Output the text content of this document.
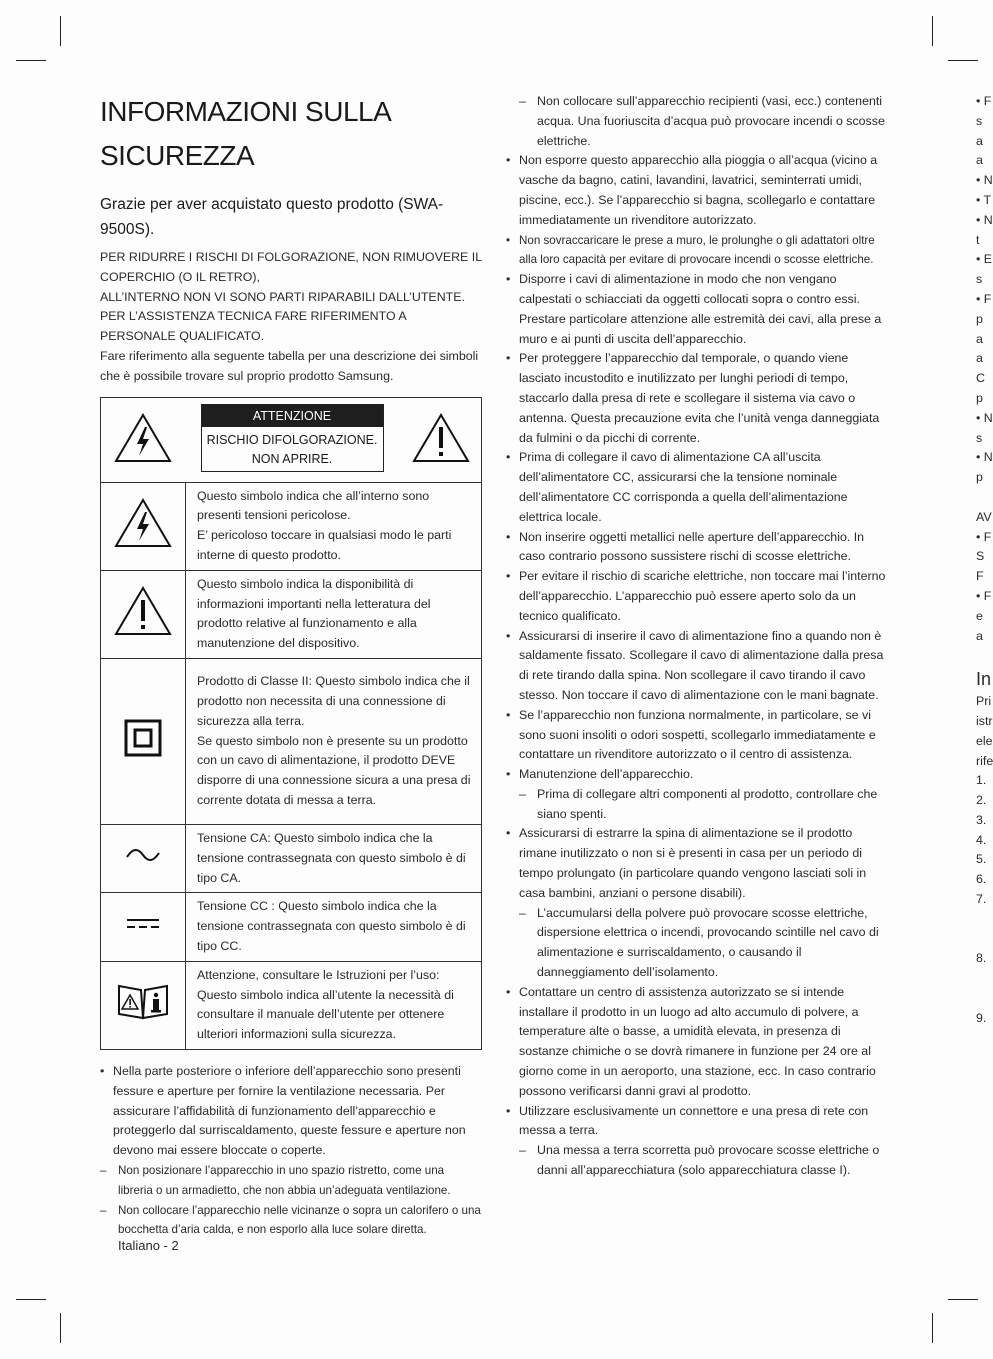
INFORMAZIONI SULLA SICUREZZA
Grazie per aver acquistato questo prodotto (SWA-9500S).

PER RIDURRE I RISCHI DI FOLGORAZIONE, NON RIMUOVERE IL COPERCHIO (O IL RETRO),

ALL’INTERNO NON VI SONO PARTI RIPARABILI DALL’UTENTE.

PER L’ASSISTENZA TECNICA FARE RIFERIMENTO A PERSONALE QUALIFICATO.

Fare riferimento alla seguente tabella per una descrizione dei simboli che è possibile trovare sul proprio prodotto Samsung.

ATTENZIONE
RISCHIO DIFOLGORAZIONE. NON APRIRE.	

	Questo simbolo indica che all’interno sono presenti tensioni pericolose.
E’ pericoloso toccare in qualsiasi modo le parti interne di questo prodotto.
	Questo simbolo indica la disponibilità di informazioni importanti nella letteratura del prodotto relative al funzionamento e alla manutenzione del dispositivo.
	Prodotto di Classe II: Questo simbolo indica che il prodotto non necessita di una connessione di sicurezza alla terra.
Se questo simbolo non è presente su un prodotto con un cavo di alimentazione, il prodotto DEVE disporre di una connessione sicura a una presa di corrente dotata di messa a terra.
	Tensione CA: Questo simbolo indica che la tensione contrassegnata con questo simbolo è di tipo CA.
	Tensione CC : Questo simbolo indica che la tensione contrassegnata con questo simbolo è di tipo CC.
	Attenzione, consultare le Istruzioni per l’uso: Questo simbolo indica all’utente la necessità di consultare il manuale dell’utente per ottenere ulteriori informazioni sulla sicurezza.
• Nella parte posteriore o inferiore dell’apparecchio sono presenti fessure e aperture per fornire la ventilazione necessaria. Per assicurare l’affidabilità di funzionamento dell’apparecchio e proteggerlo dal surriscaldamento, queste fessure e aperture non devono mai essere bloccate o coperte.
– Non posizionare l’apparecchio in uno spazio ristretto, come una libreria o un armadietto, che non abbia un’adeguata ventilazione.
– Non collocare l’apparecchio nelle vicinanze o sopra un calorifero o una bocchetta d’aria calda, e non esporlo alla luce solare diretta.
– Non collocare sull’apparecchio recipienti (vasi, ecc.) contenenti acqua. Una fuoriuscita d’acqua può provocare incendi o scosse elettriche.
• Non esporre questo apparecchio alla pioggia o all’acqua (vicino a vasche da bagno, catini, lavandini, lavatrici, seminterrati umidi, piscine, ecc.). Se l’apparecchio si bagna, scollegarlo e contattare immediatamente un rivenditore autorizzato.
• Non sovraccaricare le prese a muro, le prolunghe o gli adattatori oltre alla loro capacità per evitare di provocare incendi o scosse elettriche.
• Disporre i cavi di alimentazione in modo che non vengano calpestati o schiacciati da oggetti collocati sopra o contro essi. Prestare particolare attenzione alle estremità dei cavi, alla prese a muro e ai punti di uscita dell’apparecchio.
• Per proteggere l’apparecchio dal temporale, o quando viene lasciato incustodito e inutilizzato per lunghi periodi di tempo, staccarlo dalla presa di rete e scollegare il sistema via cavo o antenna. Questa precauzione evita che l’unità venga danneggiata da fulmini o da picchi di corrente.
• Prima di collegare il cavo di alimentazione CA all’uscita dell’alimentatore CC, assicurarsi che la tensione nominale dell’alimentatore CC corrisponda a quella dell’alimentazione elettrica locale.
• Non inserire oggetti metallici nelle aperture dell’apparecchio. In caso contrario possono sussistere rischi di scosse elettriche.
• Per evitare il rischio di scariche elettriche, non toccare mai l’interno dell’apparecchio. L’apparecchio può essere aperto solo da un tecnico qualificato.
• Assicurarsi di inserire il cavo di alimentazione fino a quando non è saldamente fissato. Scollegare il cavo di alimentazione dalla presa di rete tirando dalla spina. Non scollegare il cavo tirando il cavo stesso. Non toccare il cavo di alimentazione con le mani bagnate.
• Se l’apparecchio non funziona normalmente, in particolare, se vi sono suoni insoliti o odori sospetti, scollegarlo immediatamente e contattare un rivenditore autorizzato o il centro di assistenza.
• Manutenzione dell’apparecchio.
– Prima di collegare altri componenti al prodotto, controllare che siano spenti.
• Assicurarsi di estrarre la spina di alimentazione se il prodotto rimane inutilizzato o non si è presenti in casa per un periodo di tempo prolungato (in particolare quando vengono lasciati soli in casa bambini, anziani o persone disabili).
– L’accumularsi della polvere può provocare scosse elettriche, dispersione elettrica o incendi, provocando scintille nel cavo di alimentazione e surriscaldamento, o causando il danneggiamento dell’isolamento.
• Contattare un centro di assistenza autorizzato se si intende installare il prodotto in un luogo ad alto accumulo di polvere, a temperature alte o basse, a umidità elevata, in presenza di sostanze chimiche o se dovrà rimanere in funzione per 24 ore al giorno come in un aeroporto, una stazione, ecc. In caso contrario possono verificarsi danni gravi al prodotto.
• Utilizzare esclusivamente un connettore e una presa di rete con messa a terra.
– Una messa a terra scorretta può provocare scosse elettriche o danni all’apparecchiatura (solo apparecchiatura classe I).
• F
s
a
a
• N
• T
• N
t
• E
s
• F
p
a
a
C
p
• N
s
• N
p

AV
• F
S
F
• F
e
a

In
Pri
istr
ele
rife
1.
2.
3.
4.
5.
6.
7.

8.

9.
Italiano - 2
